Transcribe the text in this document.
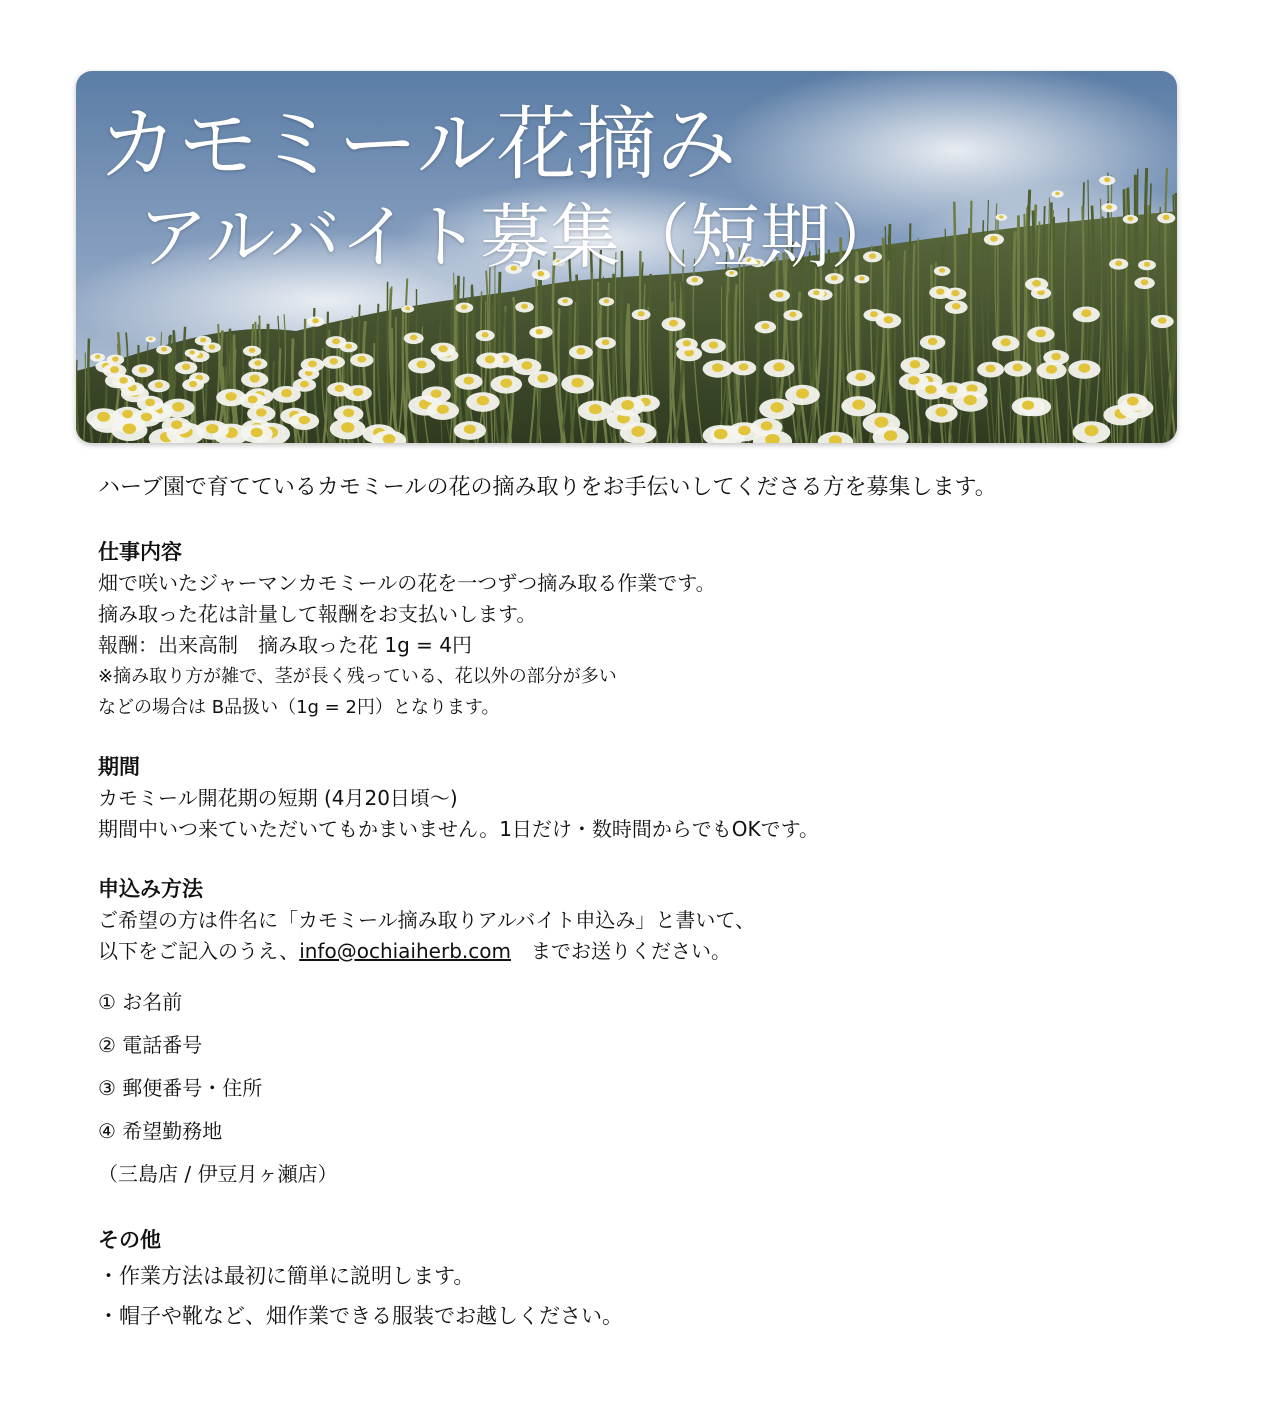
カモミール花摘み
アルバイト募集（短期）

ハーブ園で育てているカモミールの花の摘み取りをお手伝いしてくださる方を募集します。

仕事内容

畑で咲いたジャーマンカモミールの花を一つずつ摘み取る作業です。

摘み取った花は計量して報酬をお支払いします。

報酬：出来高制　摘み取った花 1g = 4円

※摘み取り方が雑で、茎が長く残っている、花以外の部分が多い

などの場合は B品扱い（1g = 2円）となります。

期間

カモミール開花期の短期 (4月20日頃〜)

期間中いつ来ていただいてもかまいません。1日だけ・数時間からでもOKです。

申込み方法

ご希望の方は件名に「カモミール摘み取りアルバイト申込み」と書いて、

以下をご記入のうえ、info@ochiaiherb.com　までお送りください。

① お名前
② 電話番号
③ 郵便番号・住所
④ 希望勤務地
（三島店 / 伊豆月ヶ瀬店）
その他

・作業方法は最初に簡単に説明します。

・帽子や靴など、畑作業できる服装でお越しください。
